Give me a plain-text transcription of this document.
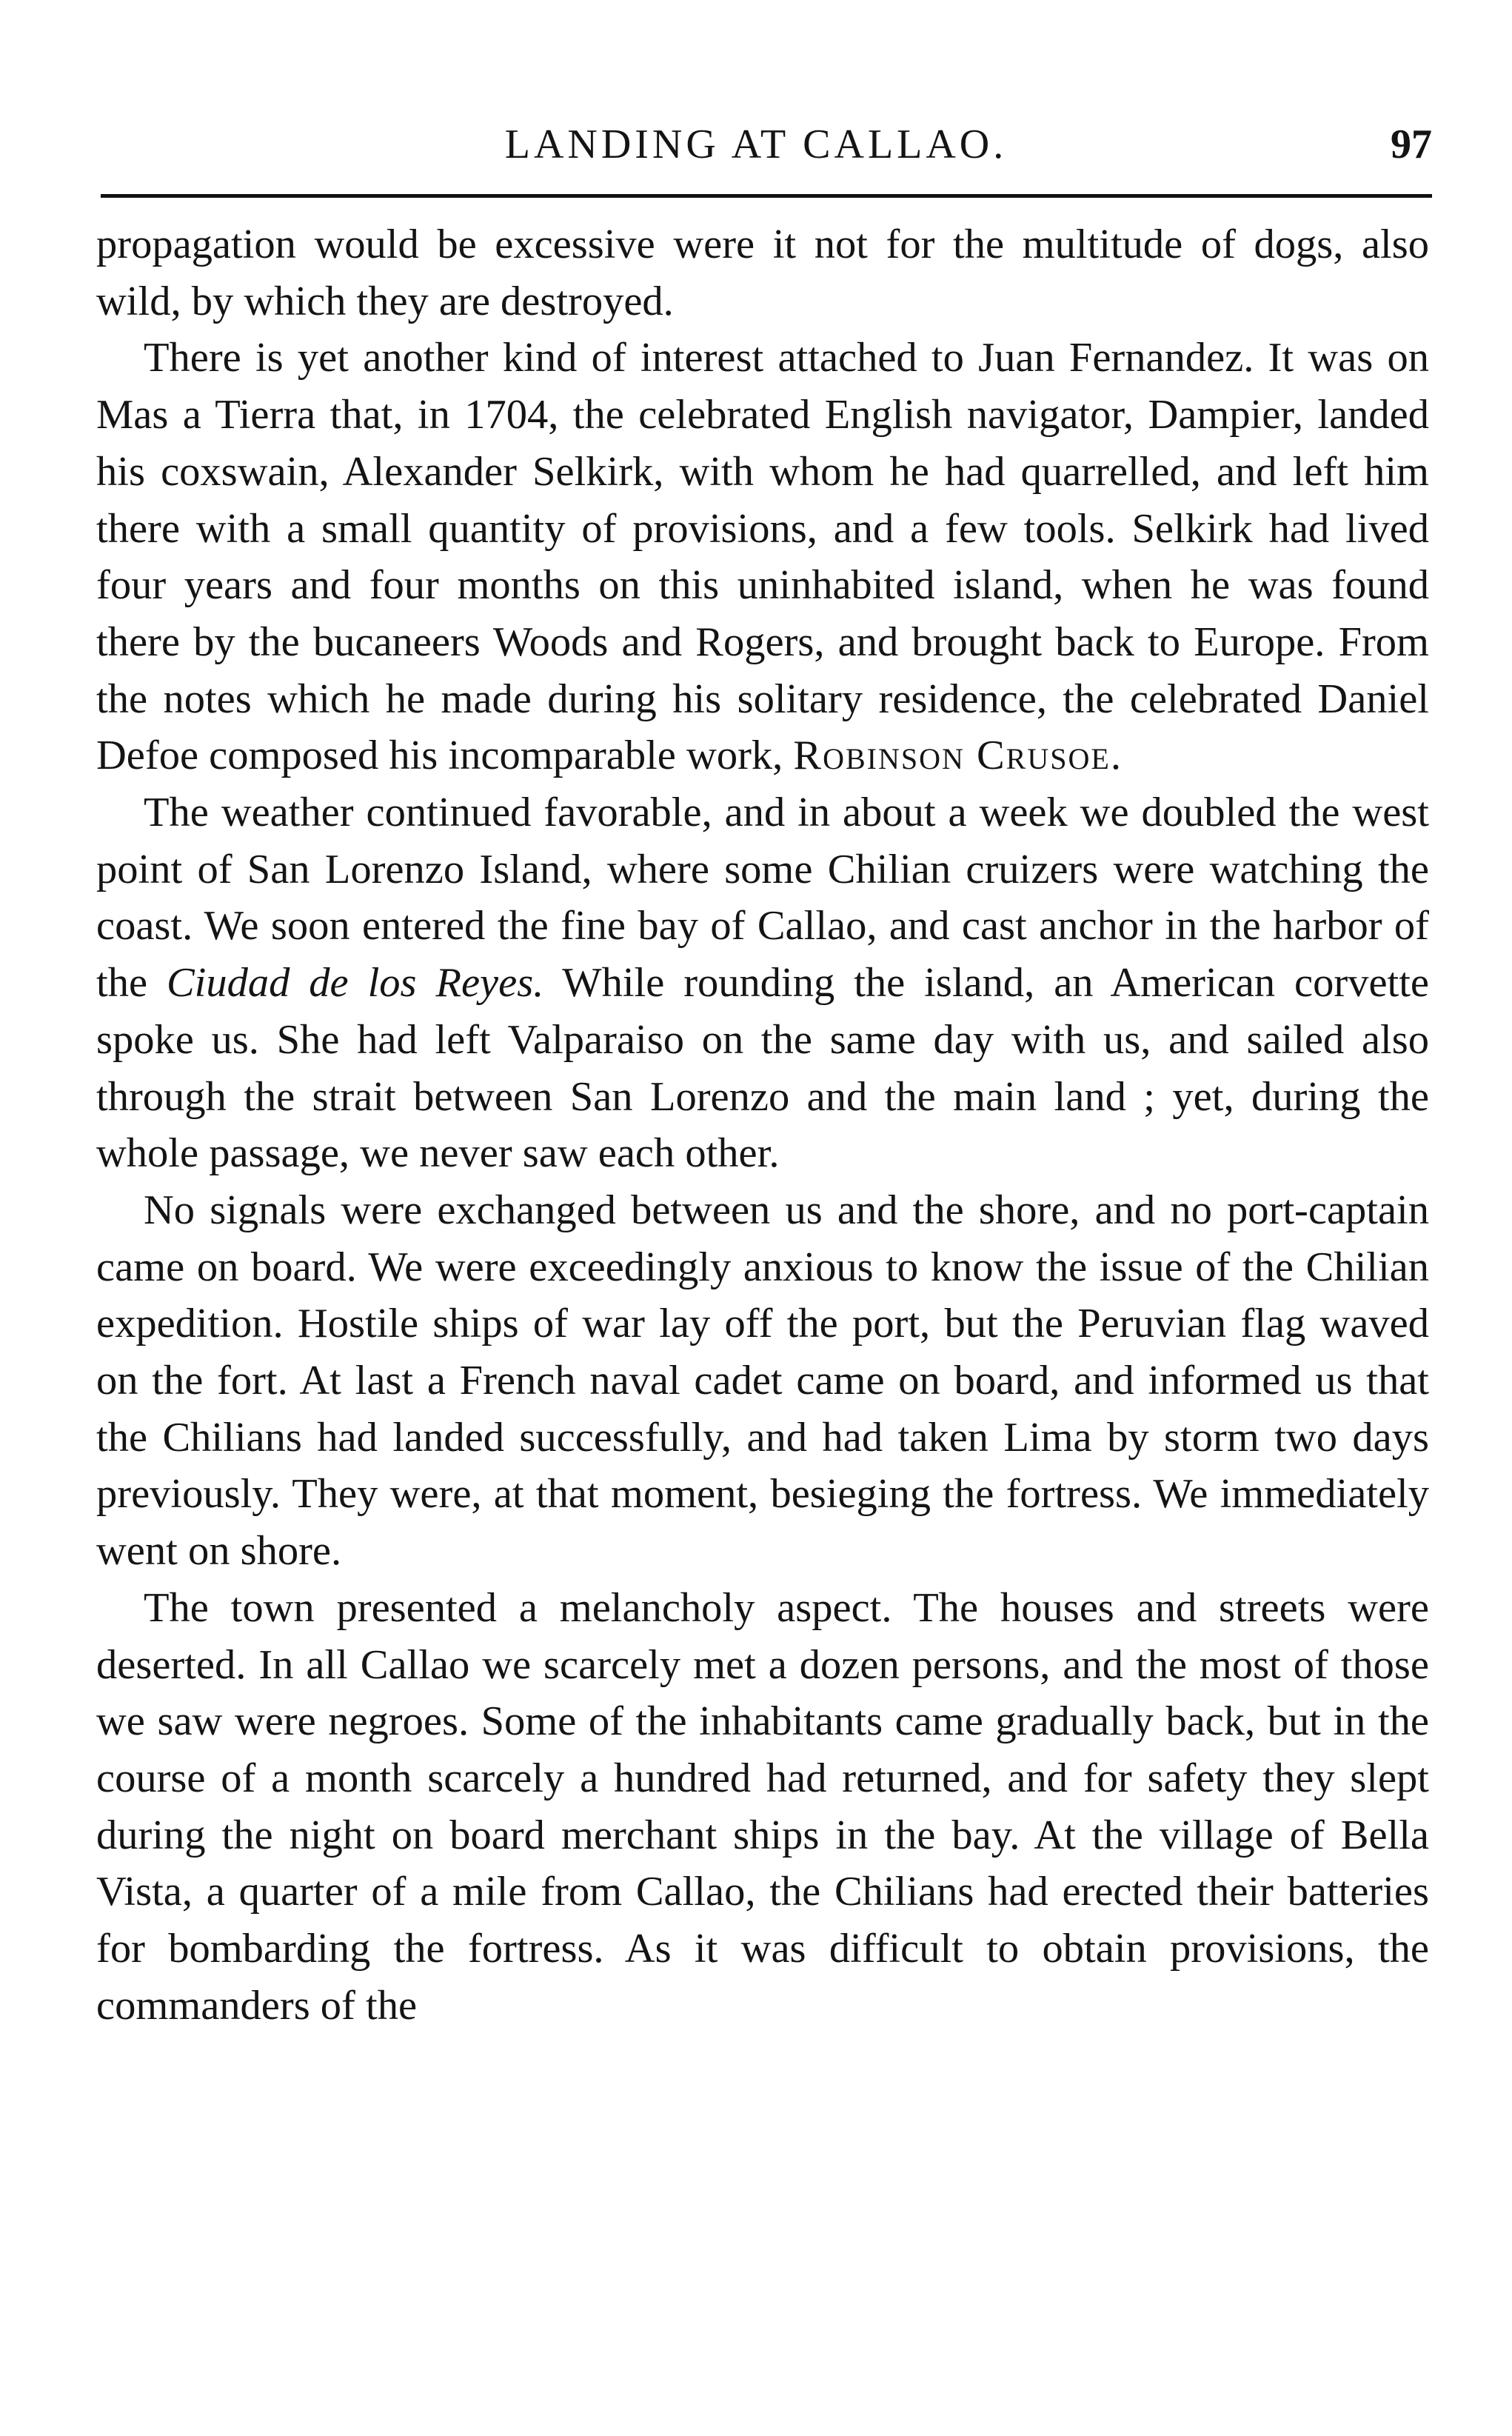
LANDING AT CALLAO.	97

propagation would be excessive were it not for the multitude of dogs, also wild, by which they are destroyed.

There is yet another kind of interest attached to Juan Fernandez. It was on Mas a Tierra that, in 1704, the celebrated English navigator, Dampier, landed his coxswain, Alexander Selkirk, with whom he had quarrelled, and left him there with a small quantity of provisions, and a few tools. Selkirk had lived four years and four months on this uninhabited island, when he was found there by the bucaneers Woods and Rogers, and brought back to Europe. From the notes which he made during his solitary residence, the celebrated Daniel Defoe composed his incomparable work, Robinson Crusoe.

The weather continued favorable, and in about a week we doubled the west point of San Lorenzo Island, where some Chilian cruizers were watching the coast. We soon entered the fine bay of Callao, and cast anchor in the harbor of the Ciudad de los Reyes. While rounding the island, an American corvette spoke us. She had left Valparaiso on the same day with us, and sailed also through the strait between San Lorenzo and the main land ; yet, during the whole passage, we never saw each other.

No signals were exchanged between us and the shore, and no port-captain came on board. We were exceedingly anxious to know the issue of the Chilian expedition. Hostile ships of war lay off the port, but the Peruvian flag waved on the fort. At last a French naval cadet came on board, and informed us that the Chilians had landed successfully, and had taken Lima by storm two days previously. They were, at that moment, besieging the fortress. We immediately went on shore.

The town presented a melancholy aspect. The houses and streets were deserted. In all Callao we scarcely met a dozen persons, and the most of those we saw were negroes. Some of the inhabitants came gradually back, but in the course of a month scarcely a hundred had returned, and for safety they slept during the night on board merchant ships in the bay. At the village of Bella Vista, a quarter of a mile from Callao, the Chilians had erected their batteries for bombarding the fortress. As it was difficult to obtain provisions, the commanders of the
